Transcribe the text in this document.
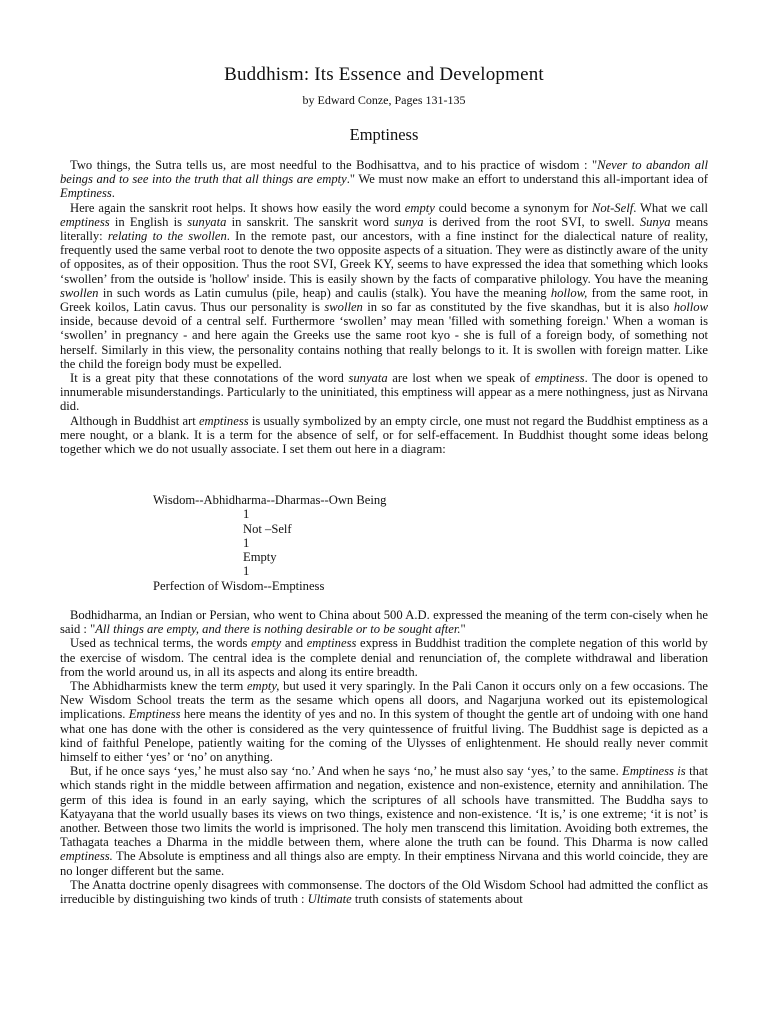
Buddhism: Its Essence and Development
by Edward Conze, Pages 131-135
Emptiness

Two things, the Sutra tells us, are most needful to the Bodhisattva, and to his practice of wisdom : "Never to abandon all beings and to see into the truth that all things are empty." We must now make an effort to understand this all-important idea of Emptiness.

Here again the sanskrit root helps. It shows how easily the word empty could become a synonym for Not-Self. What we call emptiness in English is sunyata in sanskrit. The sanskrit word sunya is derived from the root SVI, to swell. Sunya means literally: relating to the swollen. In the remote past, our ancestors, with a fine instinct for the dialectical nature of reality, frequently used the same verbal root to denote the two opposite aspects of a situation. They were as distinctly aware of the unity of opposites, as of their opposition. Thus the root SVI, Greek KY, seems to have expressed the idea that something which looks ‘swollen’ from the outside is 'hollow' inside. This is easily shown by the facts of comparative philology. You have the meaning swollen in such words as Latin cumulus (pile, heap) and caulis (stalk). You have the meaning hollow, from the same root, in Greek koilos, Latin cavus. Thus our personality is swollen in so far as constituted by the five skandhas, but it is also hollow inside, because devoid of a central self. Furthermore ‘swollen’ may mean 'filled with something foreign.' When a woman is ‘swollen’ in pregnancy - and here again the Greeks use the same root kyo - she is full of a foreign body, of something not herself. Similarly in this view, the personality contains nothing that really belongs to it. It is swollen with foreign matter. Like the child the foreign body must be expelled.

It is a great pity that these connotations of the word sunyata are lost when we speak of emptiness. The door is opened to innumerable misunderstandings. Particularly to the uninitiated, this emptiness will appear as a mere nothingness, just as Nirvana did.

Although in Buddhist art emptiness is usually symbolized by an empty circle, one must not regard the Buddhist emptiness as a mere nought, or a blank. It is a term for the absence of self, or for self-effacement. In Buddhist thought some ideas belong together which we do not usually associate. I set them out here in a diagram:

Wisdom--Abhidharma--Dharmas--Own Being
1
Not –Self
1
Empty
1
Perfection of Wisdom--Emptiness

Bodhidharma, an Indian or Persian, who went to China about 500 A.D. expressed the meaning of the term con-cisely when he said : "All things are empty, and there is nothing desirable or to be sought after."

Used as technical terms, the words empty and emptiness express in Buddhist tradition the complete negation of this world by the exercise of wisdom. The central idea is the complete denial and renunciation of, the complete withdrawal and liberation from the world around us, in all its aspects and along its entire breadth.

The Abhidharmists knew the term empty, but used it very sparingly. In the Pali Canon it occurs only on a few occasions. The New Wisdom School treats the term as the sesame which opens all doors, and Nagarjuna worked out its epistemological implications. Emptiness here means the identity of yes and no. In this system of thought the gentle art of undoing with one hand what one has done with the other is considered as the very quintessence of fruitful living. The Buddhist sage is depicted as a kind of faithful Penelope, patiently waiting for the coming of the Ulysses of enlightenment. He should really never commit himself to either ‘yes’ or ‘no’ on anything.

But, if he once says ‘yes,’ he must also say ‘no.’ And when he says ‘no,’ he must also say ‘yes,’ to the same. Emptiness is that which stands right in the middle between affirmation and negation, existence and non-existence, eternity and annihilation. The germ of this idea is found in an early saying, which the scriptures of all schools have transmitted. The Buddha says to Katyayana that the world usually bases its views on two things, existence and non-existence. ‘It is,’ is one extreme; ‘it is not’ is another. Between those two limits the world is imprisoned. The holy men transcend this limitation. Avoiding both extremes, the Tathagata teaches a Dharma in the middle between them, where alone the truth can be found. This Dharma is now called emptiness. The Absolute is emptiness and all things also are empty. In their emptiness Nirvana and this world coincide, they are no longer different but the same.

The Anatta doctrine openly disagrees with commonsense. The doctors of the Old Wisdom School had admitted the conflict as irreducible by distinguishing two kinds of truth : Ultimate truth consists of statements about
